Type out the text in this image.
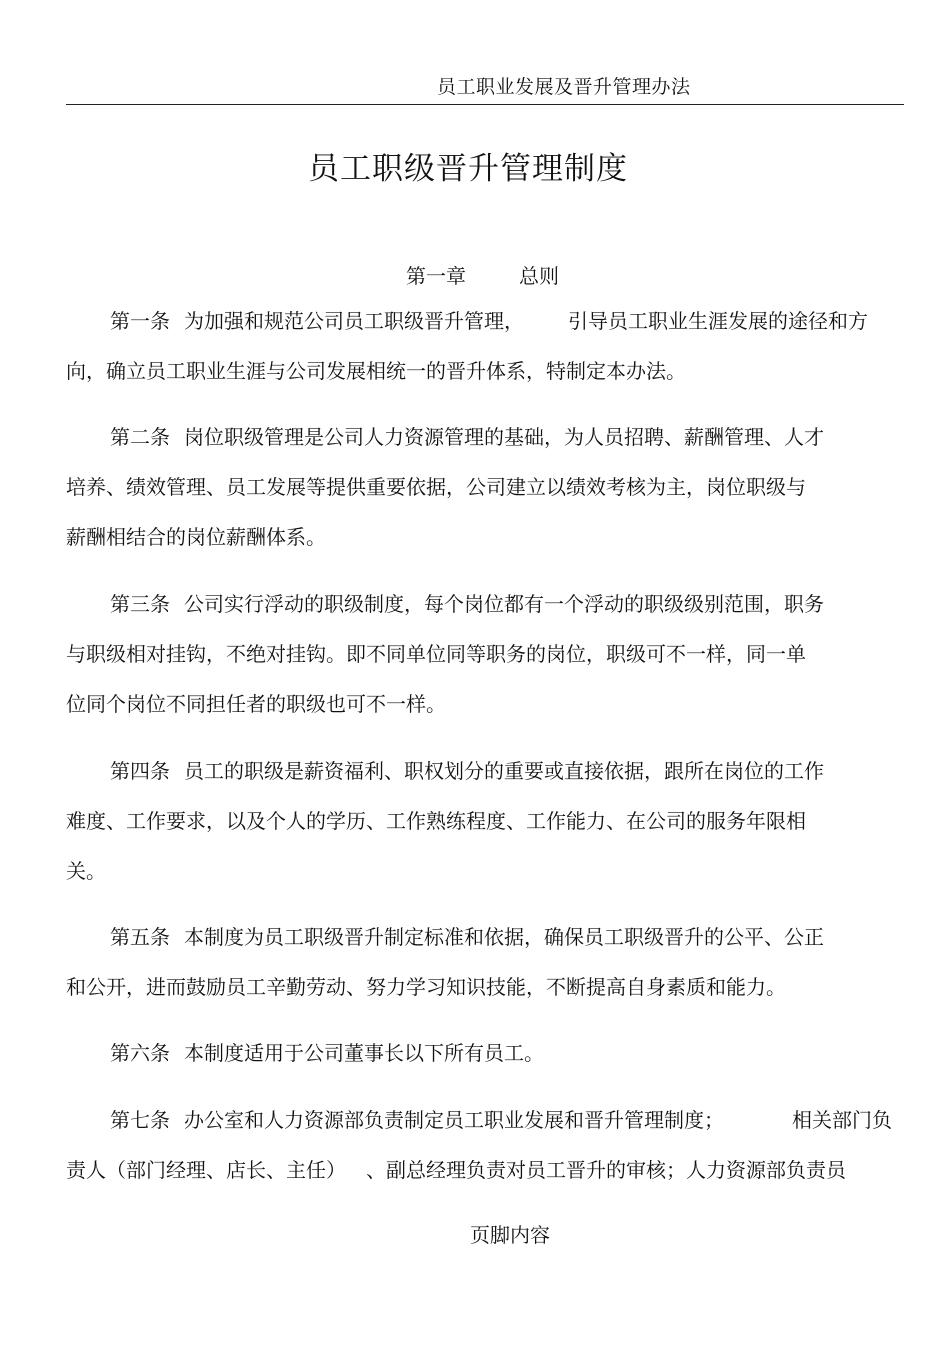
员工职业发展及晋升管理办法
员工职级晋升管理制度
第一章	总则
第一条 为加强和规范公司员工职级晋升管理， 引导员工职业生涯发展的途径和方
向，确立员工职业生涯与公司发展相统一的晋升体系，特制定本办法。
第二条 岗位职级管理是公司人力资源管理的基础，为人员招聘、薪酬管理、人才
培养、绩效管理、员工发展等提供重要依据，公司建立以绩效考核为主，岗位职级与
薪酬相结合的岗位薪酬体系。
第三条 公司实行浮动的职级制度，每个岗位都有一个浮动的职级级别范围，职务
与职级相对挂钩，不绝对挂钩。即不同单位同等职务的岗位，职级可不一样，同一单
位同个岗位不同担任者的职级也可不一样。
第四条 员工的职级是薪资福利、职权划分的重要或直接依据，跟所在岗位的工作
难度、工作要求，以及个人的学历、工作熟练程度、工作能力、在公司的服务年限相
关。
第五条 本制度为员工职级晋升制定标准和依据，确保员工职级晋升的公平、公正
和公开，进而鼓励员工辛勤劳动、努力学习知识技能，不断提高自身素质和能力。
第六条 本制度适用于公司董事长以下所有员工。
第七条 办公室和人力资源部负责制定员工职业发展和晋升管理制度；	相关部门负
责人（部门经理、店长、主任） 、副总经理负责对员工晋升的审核；人力资源部负责员
页脚内容
